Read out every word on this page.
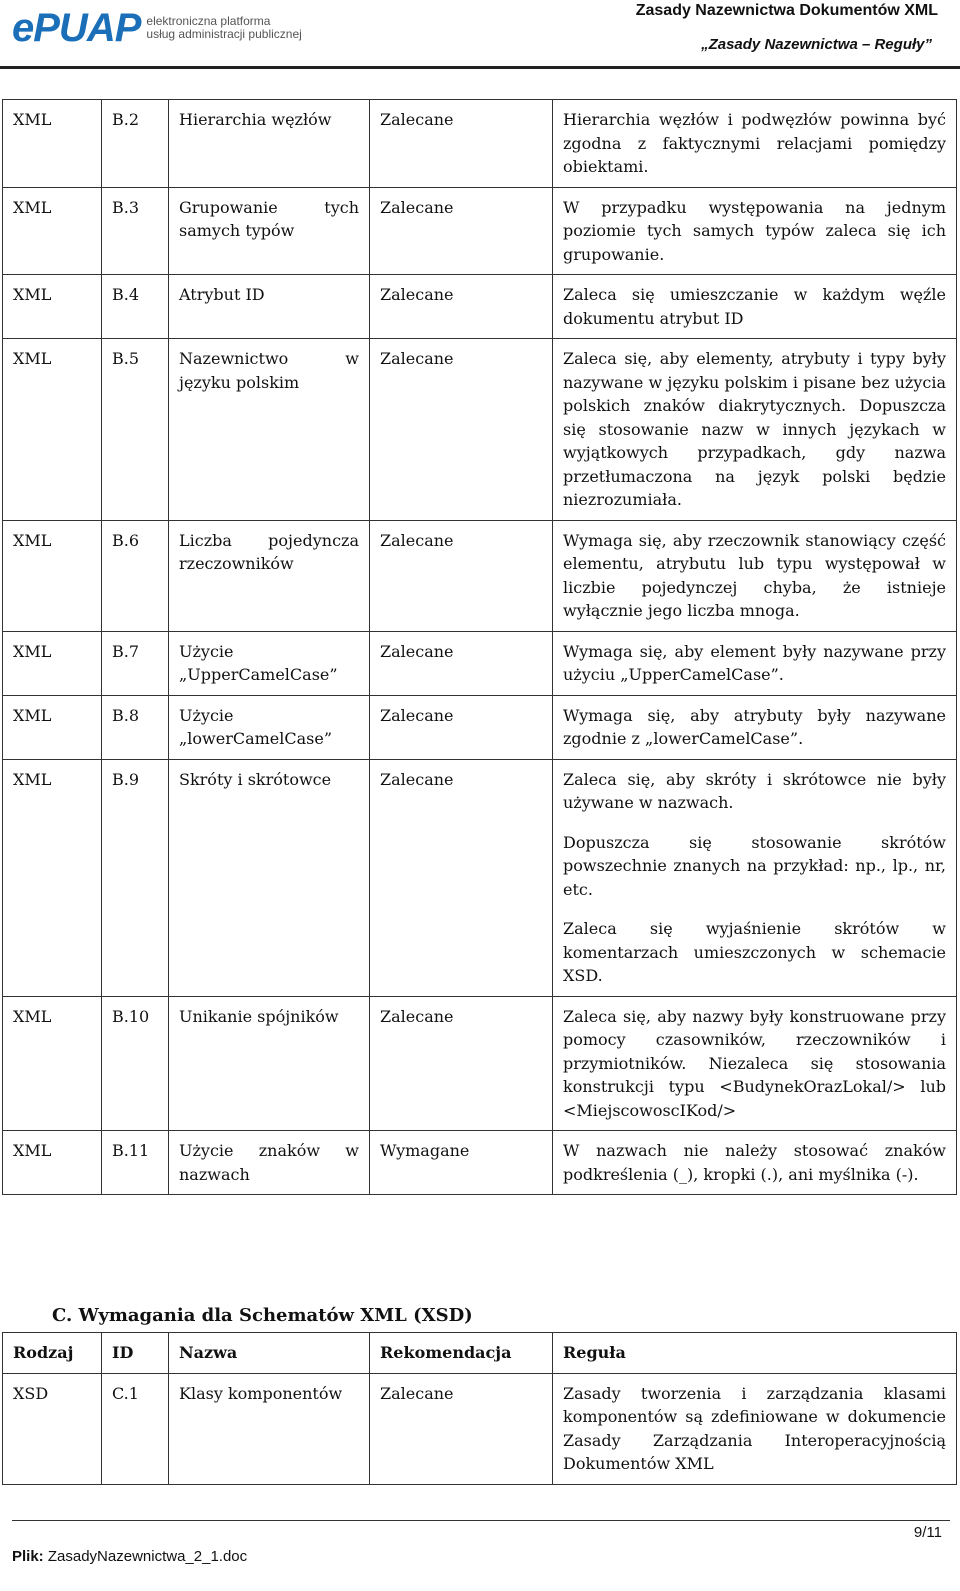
ePUAP elektroniczna platforma
usług administracji publicznej
Zasady Nazewnictwa Dokumentów XML
„Zasady Nazewnictwa – Reguły”
XML	B.2	Hierarchia węzłów	Zalecane	Hierarchia węzłów i podwęzłów powinna być zgodna z faktycznymi relacjami pomiędzy obiektami.
XML	B.3	Grupowanie tych samych typów	Zalecane	W przypadku występowania na jednym poziomie tych samych typów zaleca się ich grupowanie.
XML	B.4	Atrybut ID	Zalecane	Zaleca się umieszczanie w każdym węźle dokumentu atrybut ID
XML	B.5	Nazewnictwo w języku polskim	Zalecane	Zaleca się, aby elementy, atrybuty i typy były nazywane w języku polskim i pisane bez użycia polskich znaków diakrytycznych. Dopuszcza się stosowanie nazw w innych językach w wyjątkowych przypadkach, gdy nazwa przetłumaczona na język polski będzie niezrozumiała.
XML	B.6	Liczba pojedyncza rzeczowników	Zalecane	Wymaga się, aby rzeczownik stanowiący część elementu, atrybutu lub typu występował w liczbie pojedynczej chyba, że istnieje wyłącznie jego liczba mnoga.
XML	B.7	Użycie „UpperCamelCase”	Zalecane	Wymaga się, aby element były nazywane przy użyciu „UpperCamelCase”.
XML	B.8	Użycie „lowerCamelCase”	Zalecane	Wymaga się, aby atrybuty były nazywane zgodnie z „lowerCamelCase”.
XML	B.9	Skróty i skrótowce	Zalecane	Zaleca się, aby skróty i skrótowce nie były używane w nazwach.
				Dopuszcza się stosowanie skrótów powszechnie znanych na przykład: np., lp., nr, etc.
				Zaleca się wyjaśnienie skrótów w komentarzach umieszczonych w schemacie XSD.
XML	B.10	Unikanie spójników	Zalecane	Zaleca się, aby nazwy były konstruowane przy pomocy czasowników, rzeczowników i przymiotników. Niezaleca się stosowania konstrukcji typu <BudynekOrazLokal/> lub <MiejscowoscIKod/>
XML	B.11	Użycie znaków w nazwach	Wymagane	W nazwach nie należy stosować znaków podkreślenia (_), kropki (.), ani myślnika (-).
C. Wymagania dla Schematów XML (XSD)
Rodzaj	ID	Nazwa	Rekomendacja	Reguła
XSD	C.1	Klasy komponentów	Zalecane	Zasady tworzenia i zarządzania klasami komponentów są zdefiniowane w dokumencie Zasady Zarządzania Interoperacyjnością Dokumentów XML
9/11
Plik: ZasadyNazewnictwa_2_1.doc
